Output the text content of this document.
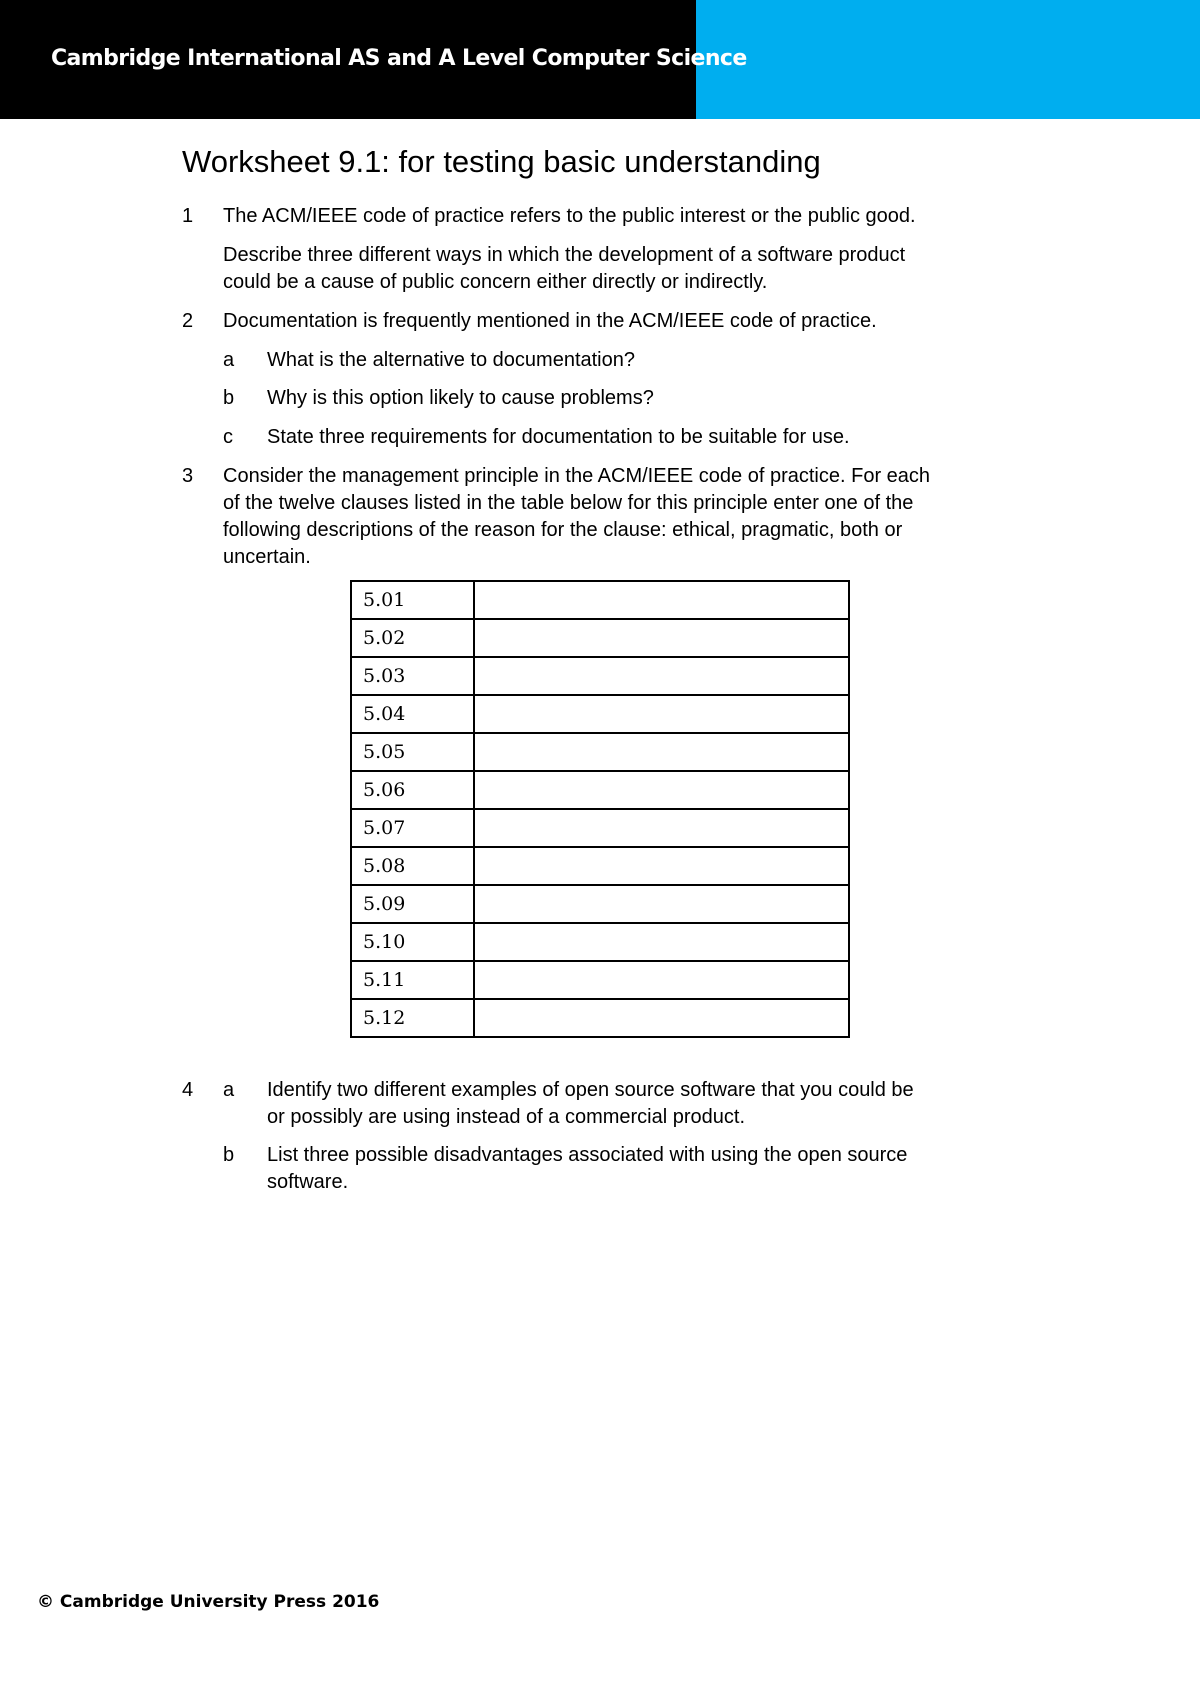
Cambridge International AS and A Level Computer Science
Worksheet 9.1: for testing basic understanding
1 The ACM/IEEE code of practice refers to the public interest or the public good.

Describe three different ways in which the development of a software product

could be a cause of public concern either directly or indirectly.

2 Documentation is frequently mentioned in the ACM/IEEE code of practice.

a What is the alternative to documentation?

b Why is this option likely to cause problems?

c State three requirements for documentation to be suitable for use.

3 Consider the management principle in the ACM/IEEE code of practice. For each

of the twelve clauses listed in the table below for this principle enter one of the

following descriptions of the reason for the clause: ethical, pragmatic, both or

uncertain.

5.01	
5.02	
5.03	
5.04	
5.05	
5.06	
5.07	
5.08	
5.09	
5.10	
5.11	
5.12	
4 a Identify two different examples of open source software that you could be

or possibly are using instead of a commercial product.

b List three possible disadvantages associated with using the open source

software.

© Cambridge University Press 2016
